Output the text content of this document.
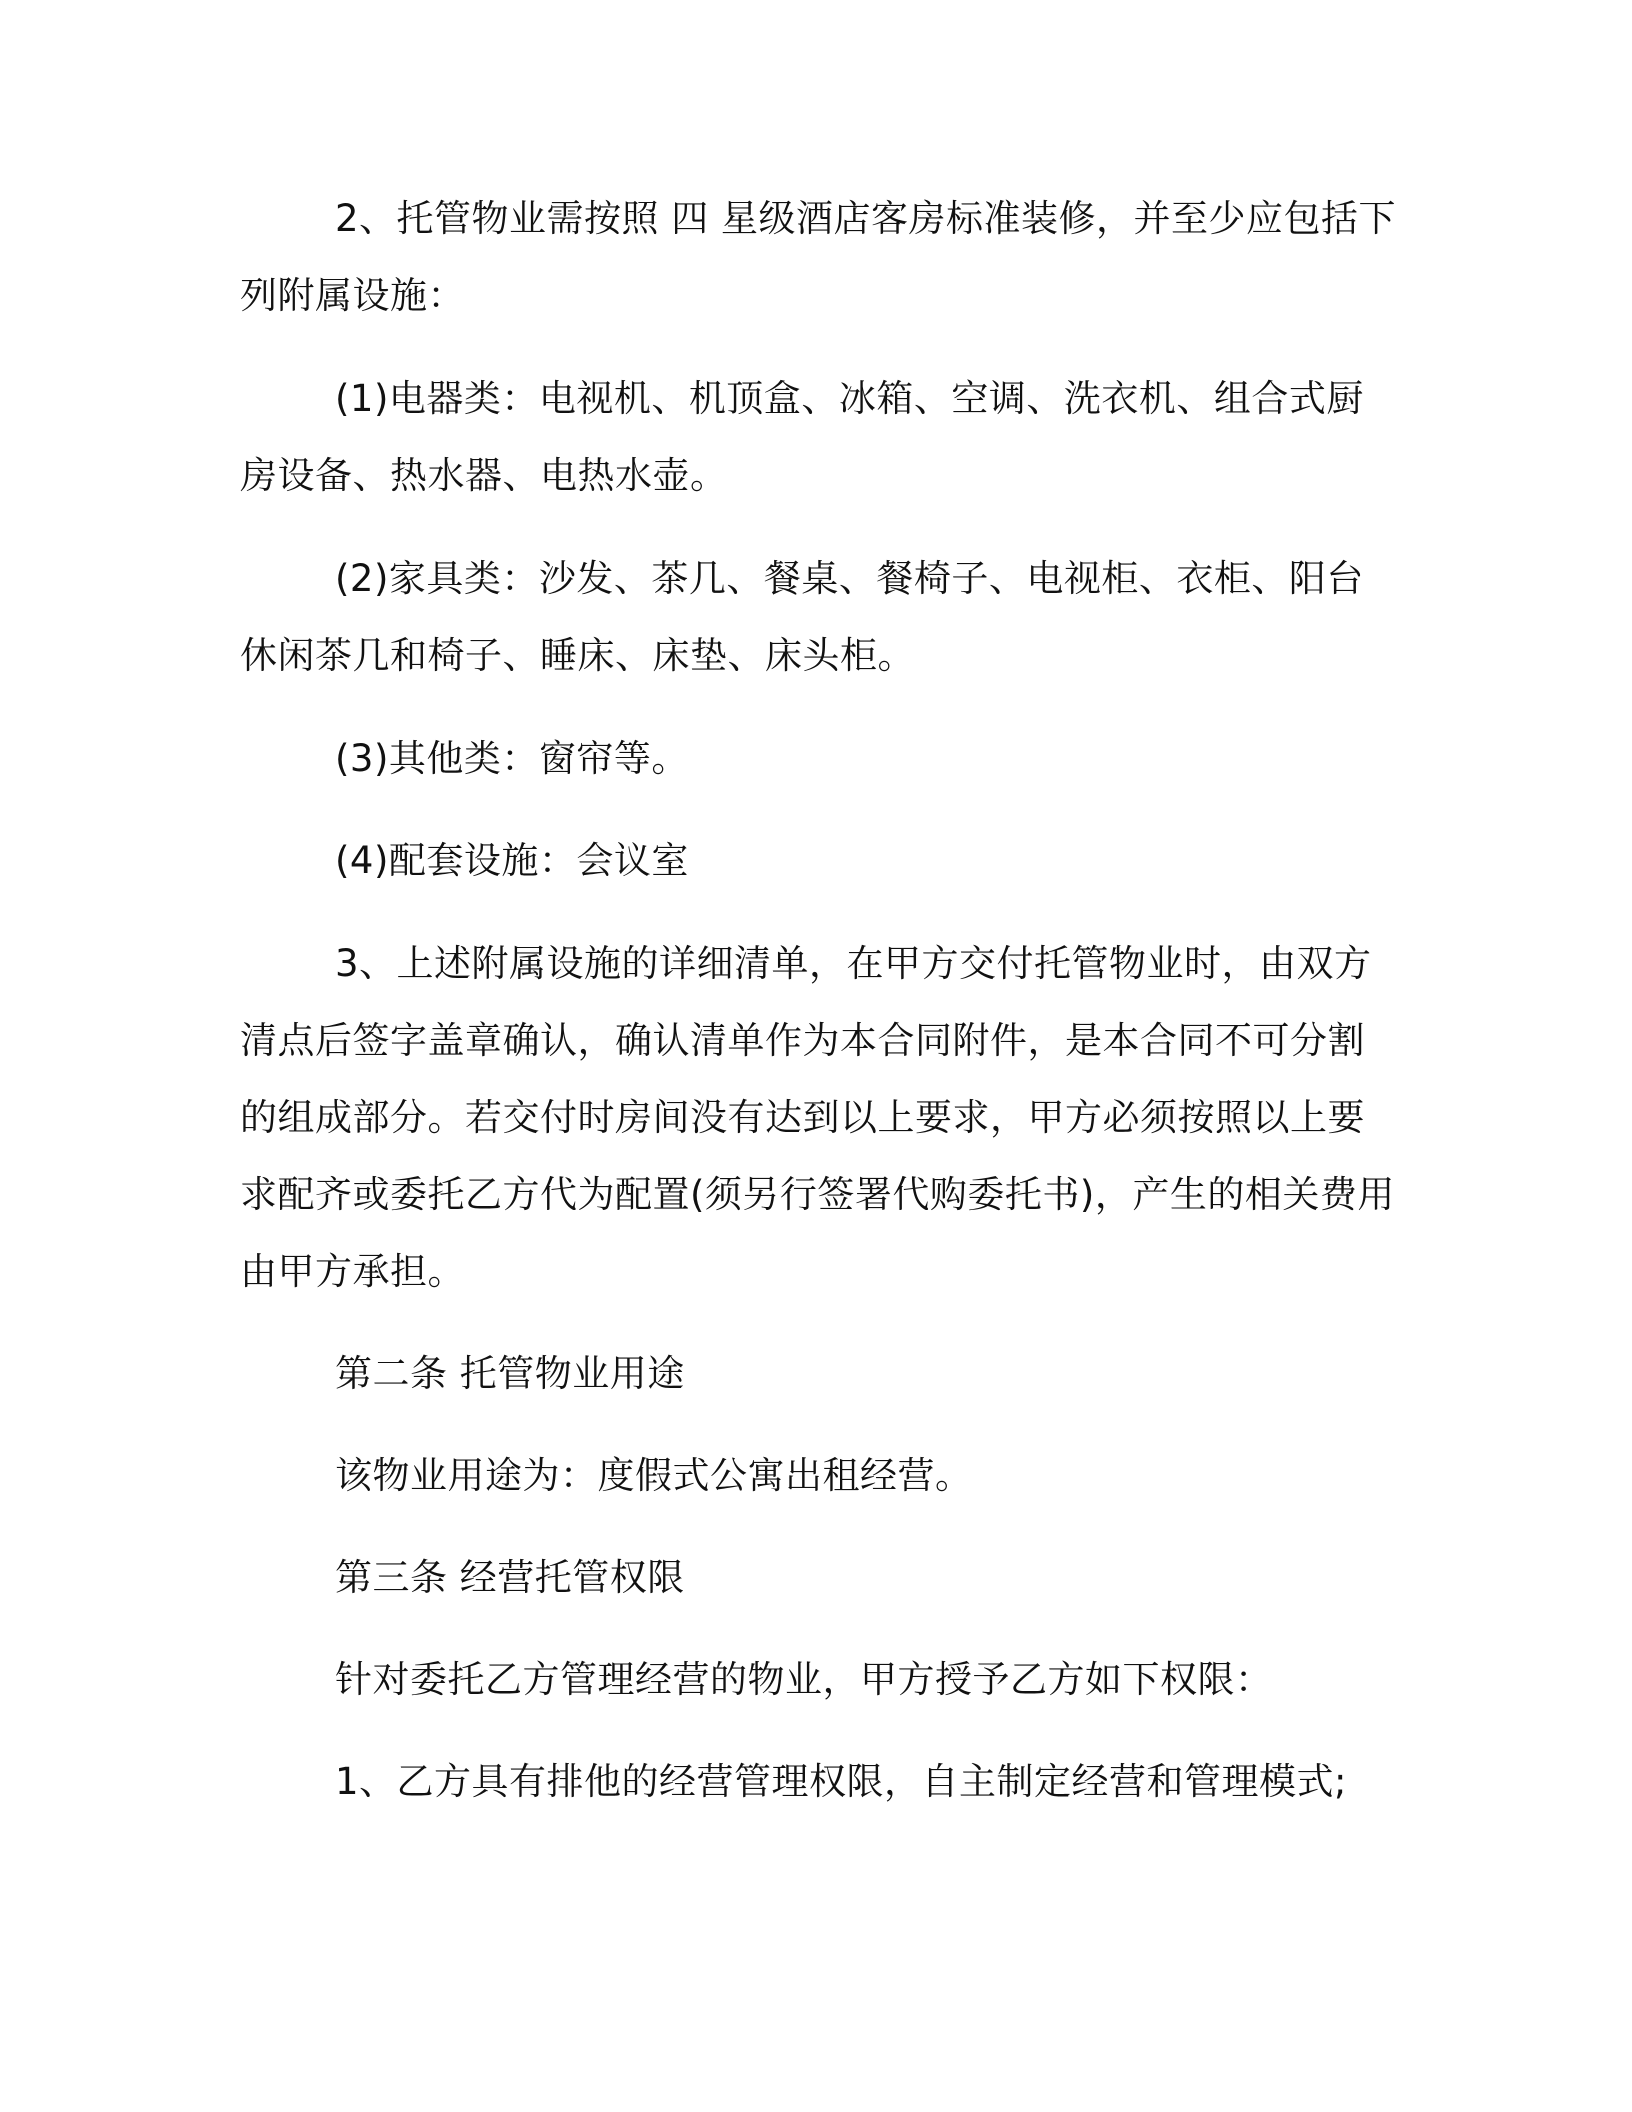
2、托管物业需按照 四 星级酒店客房标准装修，并至少应包括下
列附属设施：
(1)电器类：电视机、机顶盒、冰箱、空调、洗衣机、组合式厨
房设备、热水器、电热水壶。
(2)家具类：沙发、茶几、餐桌、餐椅子、电视柜、衣柜、阳台
休闲茶几和椅子、睡床、床垫、床头柜。
(3)其他类：窗帘等。
(4)配套设施：会议室
3、上述附属设施的详细清单，在甲方交付托管物业时，由双方
清点后签字盖章确认，确认清单作为本合同附件，是本合同不可分割
的组成部分。若交付时房间没有达到以上要求，甲方必须按照以上要
求配齐或委托乙方代为配置(须另行签署代购委托书)，产生的相关费用
由甲方承担。
第二条 托管物业用途
该物业用途为：度假式公寓出租经营。
第三条 经营托管权限
针对委托乙方管理经营的物业，甲方授予乙方如下权限：
1、乙方具有排他的经营管理权限，自主制定经营和管理模式;
